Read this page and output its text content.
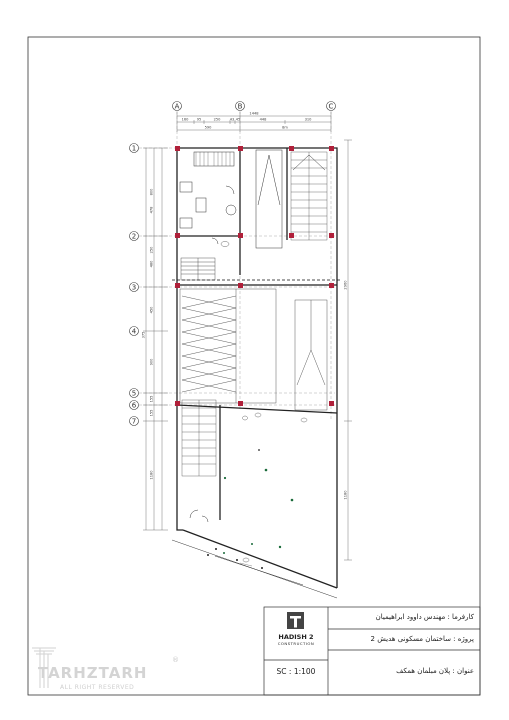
A	B	C
1
2
3
4
5
6
7
1448
160 95	250	43 45	448	310
590	8m
800
478
250
480
450
375
900
155
155
1180
2960
1180
HADISH 2
CONSTRUCTION
SC : 1:100
کارفرما : مهندس داوود ابراهیمیان
پروژه : ساختمان مسکونی هدیش 2
عنوان : پلان مبلمان همکف
TARHZTARH
®
ALL RIGHT RESERVED
